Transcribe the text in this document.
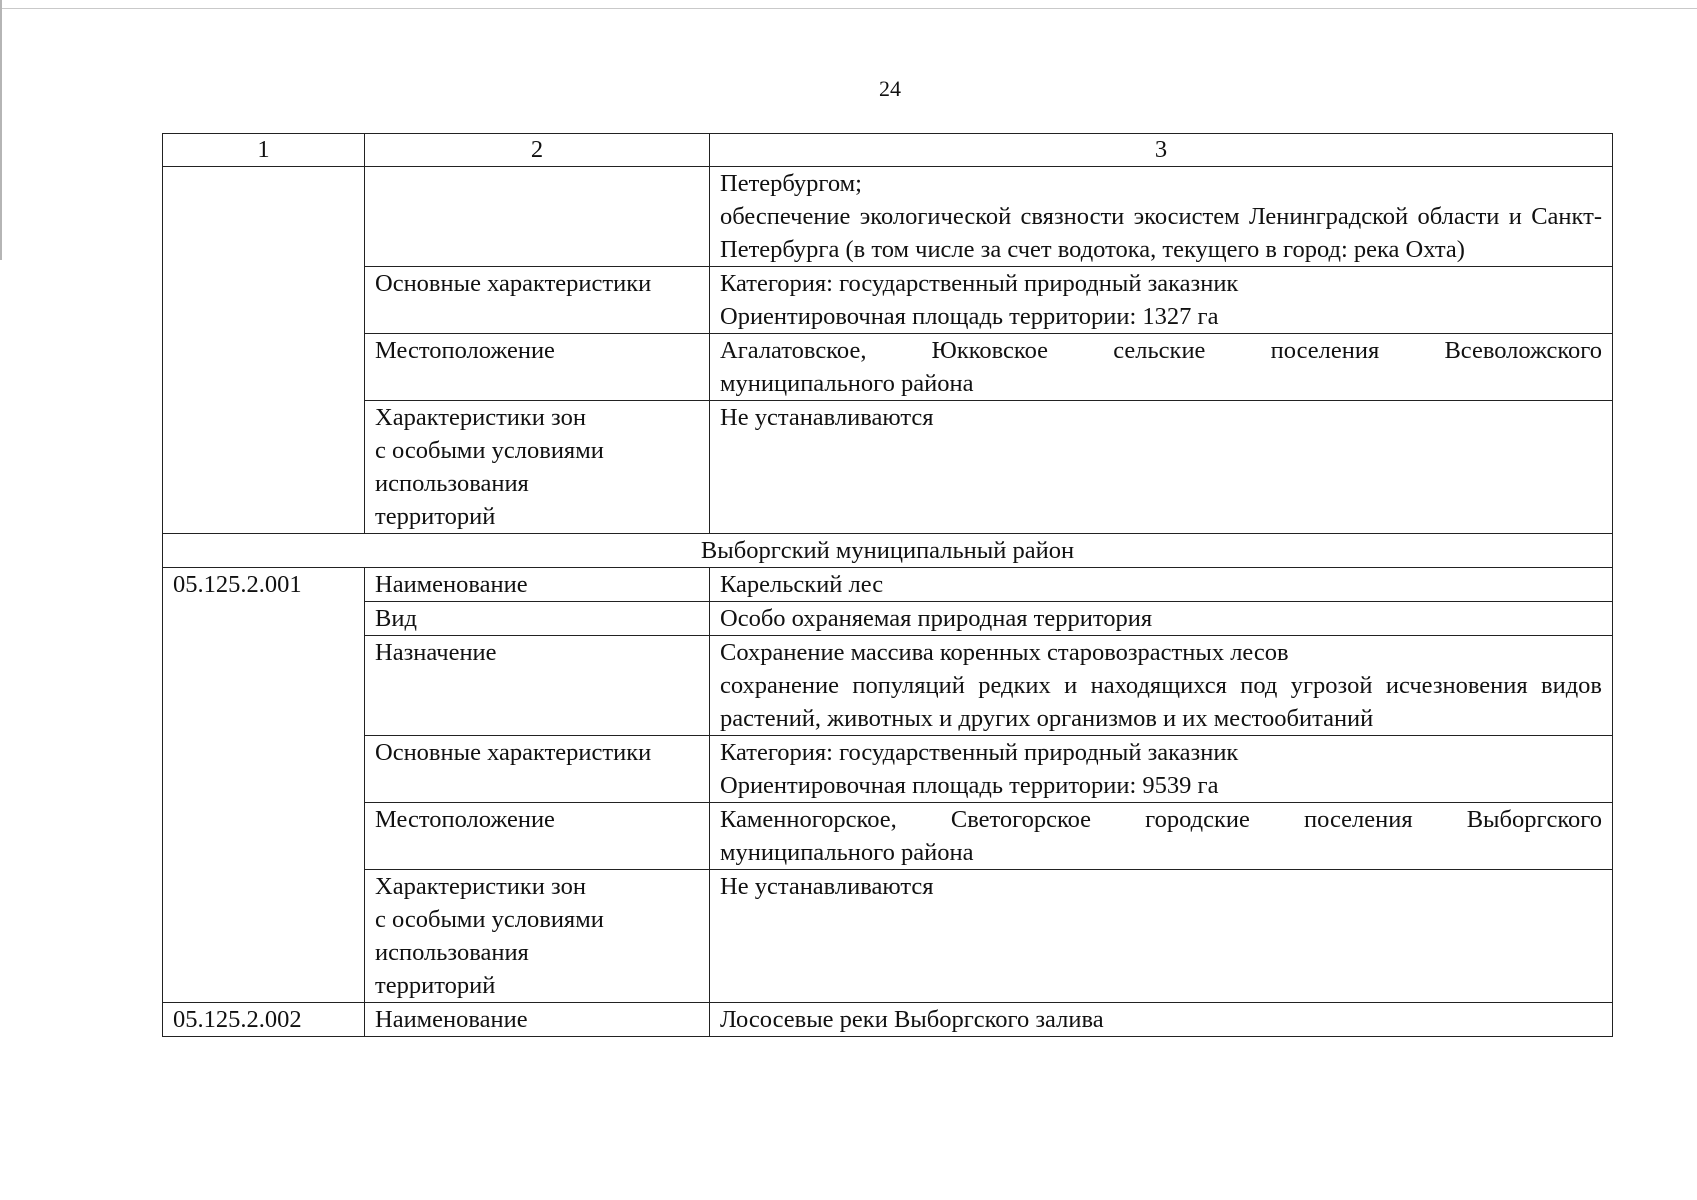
24
1	2	3

		Петербургом;
обеспечение экологической связности экосистем Ленинградской области и Санкт-Петербурга (в том числе за счет водотока, текущего в город: река Охта)

	Основные характеристики	Категория: государственный природный заказник
Ориентировочная площадь территории: 1327 га

	Местоположение	Агалатовское, Юкковское сельские поселения Всеволожского
муниципального района
	Характеристики зон
с особыми условиями
использования
территорий	Не устанавливаются
Выборгский муниципальный район		
05.125.2.001	Наименование	Карельский лес
	Вид	Особо охраняемая природная территория
	Назначение	Сохранение массива коренных старовозрастных лесов
сохранение популяций редких и находящихся под угрозой исчезновения видов растений, животных и других организмов и их местообитаний

	Основные характеристики	Категория: государственный природный заказник
Ориентировочная площадь территории: 9539 га

	Местоположение	Каменногорское, Светогорское городские поселения Выборгского
муниципального района
	Характеристики зон
с особыми условиями
использования
территорий	Не устанавливаются
05.125.2.002	Наименование	Лососевые реки Выборгского залива
